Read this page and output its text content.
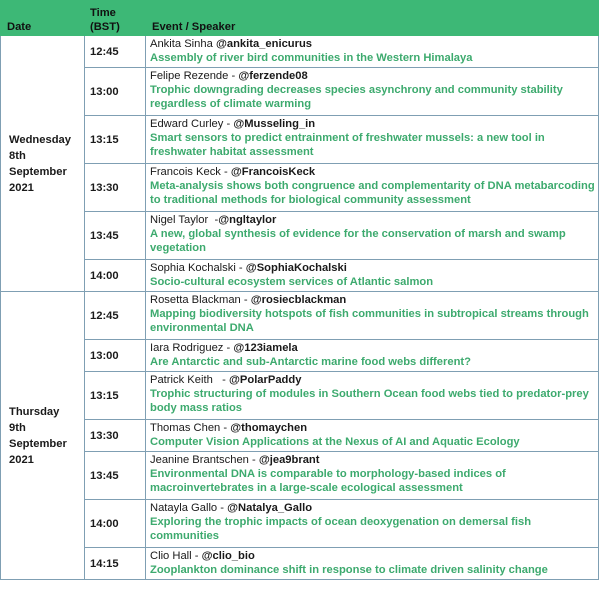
Date	Time
(BST)	Event / Speaker
Wednesday
8th
September
2021	12:45	Ankita Sinha @ankita_enicurus
Assembly of river bird communities in the Western Himalaya

	13:00	Felipe Rezende - @ferzende08
Trophic downgrading decreases species asynchrony and community stability regardless of climate warming

	13:15	Edward Curley - @Musseling_in
Smart sensors to predict entrainment of freshwater mussels: a new tool in freshwater habitat assessment

	13:30	Francois Keck - @FrancoisKeck
Meta-analysis shows both congruence and complementarity of DNA metabarcoding to traditional methods for biological community assessment

	13:45	Nigel Taylor  -@ngltaylor
A new, global synthesis of evidence for the conservation of marsh and swamp vegetation

	14:00	Sophia Kochalski - @SophiaKochalski
Socio-cultural ecosystem services of Atlantic salmon

Thursday
9th
September
2021	12:45	Rosetta Blackman - @rosiecblackman
Mapping biodiversity hotspots of fish communities in subtropical streams through environmental DNA

	13:00	Iara Rodriguez - @123iamela
Are Antarctic and sub-Antarctic marine food webs different?

	13:15	Patrick Keith   - @PolarPaddy
Trophic structuring of modules in Southern Ocean food webs tied to predator-prey body mass ratios

	13:30	Thomas Chen - @thomaychen
Computer Vision Applications at the Nexus of AI and Aquatic Ecology

	13:45	Jeanine Brantschen - @jea9brant
Environmental DNA is comparable to morphology-based indices of macroinvertebrates in a large-scale ecological assessment

	14:00	Natayla Gallo - @Natalya_Gallo
Exploring the trophic impacts of ocean deoxygenation on demersal fish communities

	14:15	Clio Hall - @clio_bio
Zooplankton dominance shift in response to climate driven salinity change
